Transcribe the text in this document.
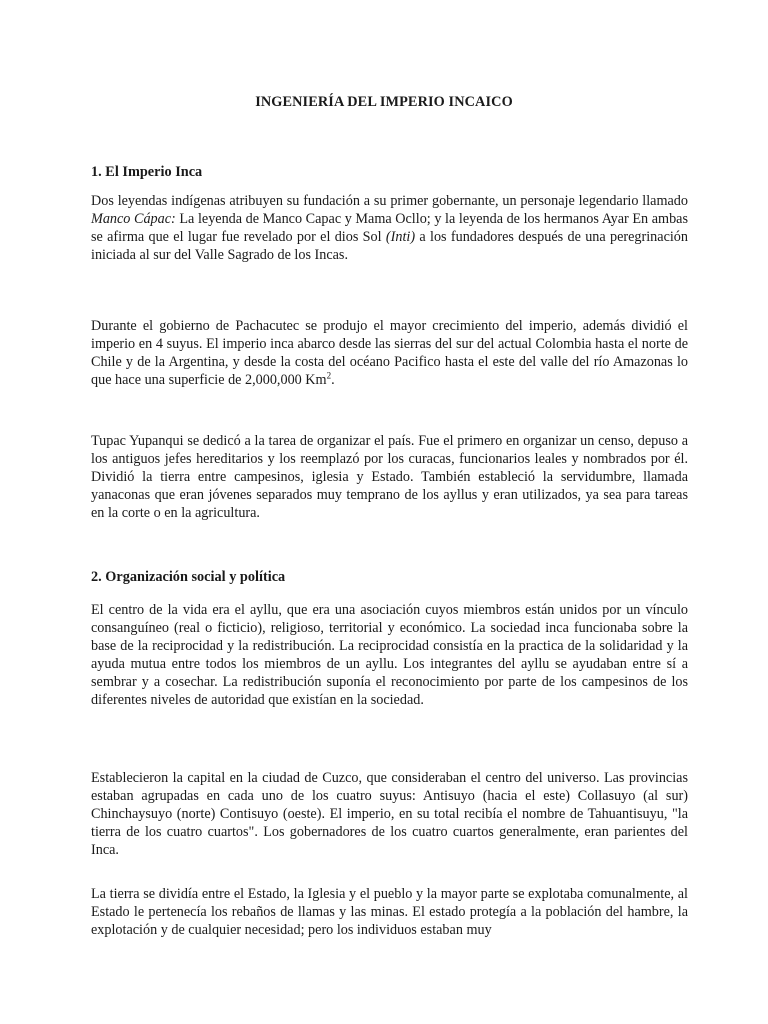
INGENIERÍA DEL IMPERIO INCAICO
1. El Imperio Inca

Dos leyendas indígenas atribuyen su fundación a su primer gobernante, un personaje legendario llamado Manco Cápac: La leyenda de Manco Capac y Mama Ocllo; y la leyenda de los hermanos Ayar En ambas se afirma que el lugar fue revelado por el dios Sol (Inti) a los fundadores después de una peregrinación iniciada al sur del Valle Sagrado de los Incas.

Durante el gobierno de Pachacutec se produjo el mayor crecimiento del imperio, además dividió el imperio en 4 suyus. El imperio inca abarco desde las sierras del sur del actual Colombia hasta el norte de Chile y de la Argentina, y desde la costa del océano Pacifico hasta el este del valle del río Amazonas lo que hace una superficie de 2,000,000 Km$^2$.

Tupac Yupanqui se dedicó a la tarea de organizar el país. Fue el primero en organizar un censo, depuso a los antiguos jefes hereditarios y los reemplazó por los curacas, funcionarios leales y nombrados por él. Dividió la tierra entre campesinos, iglesia y Estado. También estableció la servidumbre, llamada yanaconas que eran jóvenes separados muy temprano de los ayllus y eran utilizados, ya sea para tareas en la corte o en la agricultura.

2. Organización social y política

El centro de la vida era el ayllu, que era una asociación cuyos miembros están unidos por un vínculo consanguíneo (real o ficticio), religioso, territorial y económico. La sociedad inca funcionaba sobre la base de la reciprocidad y la redistribución. La reciprocidad consistía en la practica de la solidaridad y la ayuda mutua entre todos los miembros de un ayllu. Los integrantes del ayllu se ayudaban entre sí a sembrar y a cosechar. La redistribución suponía el reconocimiento por parte de los campesinos de los diferentes niveles de autoridad que existían en la sociedad.

Establecieron la capital en la ciudad de Cuzco, que consideraban el centro del universo. Las provincias estaban agrupadas en cada uno de los cuatro suyus: Antisuyo (hacia el este) Collasuyo (al sur) Chinchaysuyo (norte) Contisuyo (oeste). El imperio, en su total recibía el nombre de Tahuantisuyu, "la tierra de los cuatro cuartos". Los gobernadores de los cuatro cuartos generalmente, eran parientes del Inca.

La tierra se dividía entre el Estado, la Iglesia y el pueblo y la mayor parte se explotaba comunalmente, al Estado le pertenecía los rebaños de llamas y las minas. El estado protegía a la población del hambre, la explotación y de cualquier necesidad; pero los individuos estaban muy
